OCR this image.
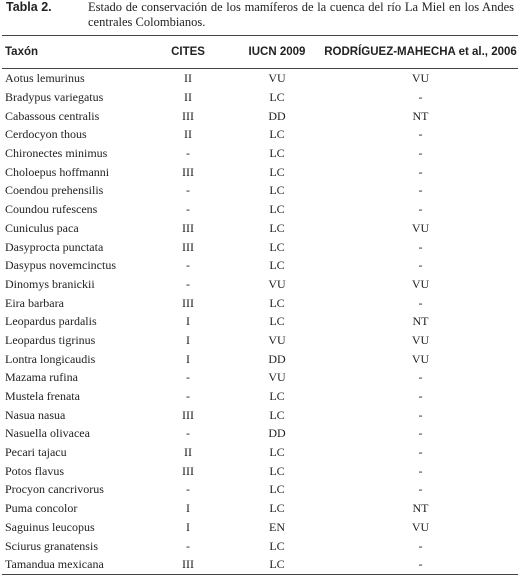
Tabla 2.	Estado de conservación de los mamíferos de la cuenca del río La Miel en los Andes centrales Colombianos.
Taxón	CITES	IUCN 2009	RODRÍGUEZ-MAHECHA et al., 2006
Aotus lemurinus	II	VU	VU
Bradypus variegatus	II	LC	-
Cabassous centralis	III	DD	NT
Cerdocyon thous	II	LC	-
Chironectes minimus	-	LC	-
Choloepus hoffmanni	III	LC	-
Coendou prehensilis	-	LC	-
Coundou rufescens	-	LC	-
Cuniculus paca	III	LC	VU
Dasyprocta punctata	III	LC	-
Dasypus novemcinctus	-	LC	-
Dinomys branickii	-	VU	VU
Eira barbara	III	LC	-
Leopardus pardalis	I	LC	NT
Leopardus tigrinus	I	VU	VU
Lontra longicaudis	I	DD	VU
Mazama rufina	-	VU	-
Mustela frenata	-	LC	-
Nasua nasua	III	LC	-
Nasuella olivacea	-	DD	-
Pecari tajacu	II	LC	-
Potos flavus	III	LC	-
Procyon cancrivorus	-	LC	-
Puma concolor	I	LC	NT
Saguinus leucopus	I	EN	VU
Sciurus granatensis	-	LC	-
Tamandua mexicana	III	LC	-
